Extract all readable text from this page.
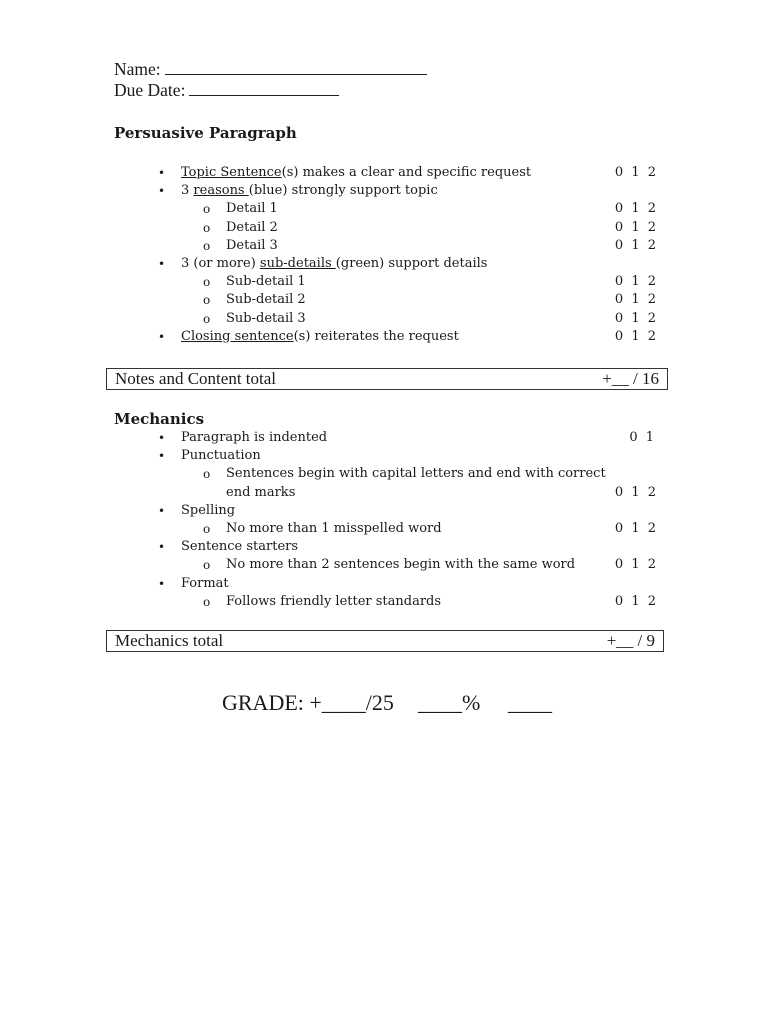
Name:
Due Date:
Persuasive Paragraph
• Topic Sentence(s) makes a clear and specific request	0 1 2
• 3 reasons (blue) strongly support topic
o Detail 1	0 1 2
o Detail 2	0 1 2
o Detail 3	0 1 2
• 3 (or more) sub-details (green) support details
o Sub-detail 1	0 1 2
o Sub-detail 2	0 1 2
o Sub-detail 3	0 1 2
• Closing sentence(s) reiterates the request	0 1 2
Notes and Content total	+__ / 16
Mechanics
• Paragraph is indented	0 1
• Punctuation
o Sentences begin with capital letters and end with correct
end marks	0 1 2
• Spelling
o No more than 1 misspelled word	0 1 2
• Sentence starters
o No more than 2 sentences begin with the same word	0 1 2
• Format
o Follows friendly letter standards	0 1 2
Mechanics total	+__ / 9
GRADE: +____/25 ____% ____
